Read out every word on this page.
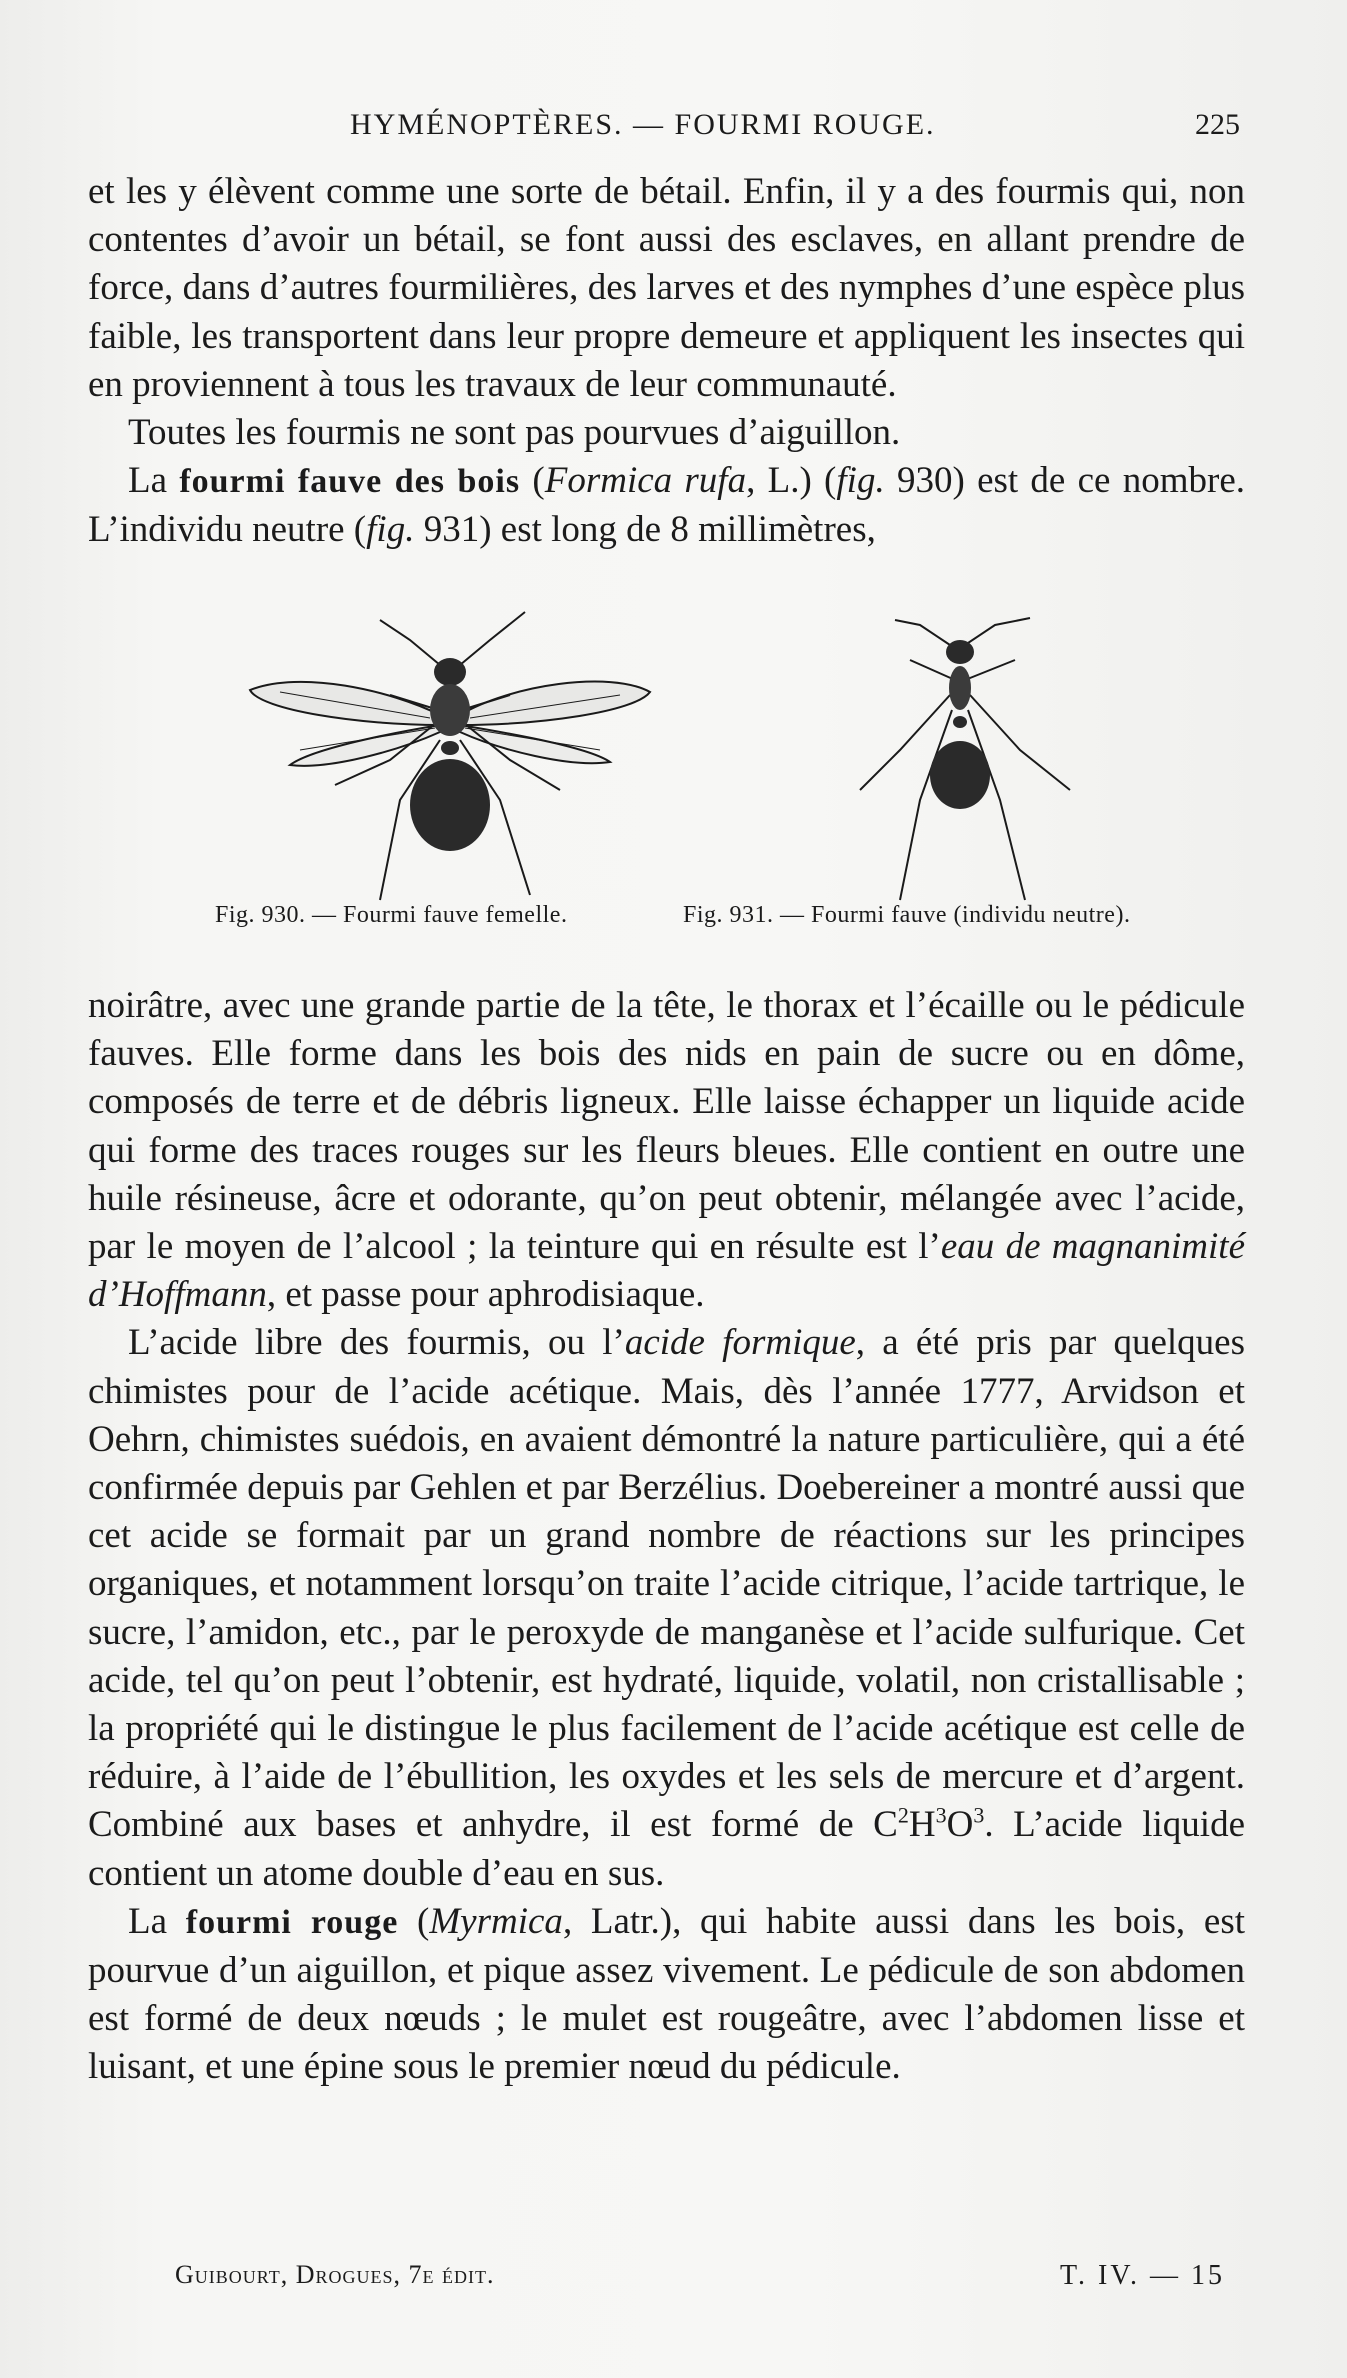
HYMÉNOPTÈRES. — FOURMI ROUGE.	225

et les y élèvent comme une sorte de bétail. Enfin, il y a des fourmis qui, non contentes d’avoir un bétail, se font aussi des esclaves, en allant prendre de force, dans d’autres fourmilières, des larves et des nymphes d’une espèce plus faible, les transportent dans leur propre demeure et appliquent les insectes qui en proviennent à tous les travaux de leur communauté.

Toutes les fourmis ne sont pas pourvues d’aiguillon.

La fourmi fauve des bois (Formica rufa, L.) (fig. 930) est de ce nombre. L’individu neutre (fig. 931) est long de 8 millimètres,

Fig. 930. — Fourmi fauve femelle.	Fig. 931. — Fourmi fauve (individu neutre).

noirâtre, avec une grande partie de la tête, le thorax et l’écaille ou le pédicule fauves. Elle forme dans les bois des nids en pain de sucre ou en dôme, composés de terre et de débris ligneux. Elle laisse échapper un liquide acide qui forme des traces rouges sur les fleurs bleues. Elle contient en outre une huile résineuse, âcre et odorante, qu’on peut obtenir, mélangée avec l’acide, par le moyen de l’alcool ; la teinture qui en résulte est l’eau de magnanimité d’Hoffmann, et passe pour aphrodisiaque.

L’acide libre des fourmis, ou l’acide formique, a été pris par quelques chimistes pour de l’acide acétique. Mais, dès l’année 1777, Arvidson et Oehrn, chimistes suédois, en avaient démontré la nature particulière, qui a été confirmée depuis par Gehlen et par Berzélius. Doebereiner a montré aussi que cet acide se formait par un grand nombre de réactions sur les principes organiques, et notamment lorsqu’on traite l’acide citrique, l’acide tartrique, le sucre, l’amidon, etc., par le peroxyde de manganèse et l’acide sulfurique. Cet acide, tel qu’on peut l’obtenir, est hydraté, liquide, volatil, non cristallisable ; la propriété qui le distingue le plus facilement de l’acide acétique est celle de réduire, à l’aide de l’ébullition, les oxydes et les sels de mercure et d’argent. Combiné aux bases et anhydre, il est formé de $C^2H^3O^3$. L’acide liquide contient un atome double d’eau en sus.

La fourmi rouge (Myrmica, Latr.), qui habite aussi dans les bois, est pourvue d’un aiguillon, et pique assez vivement. Le pédicule de son abdomen est formé de deux nœuds ; le mulet est rougeâtre, avec l’abdomen lisse et luisant, et une épine sous le premier nœud du pédicule.

Guibourt, Drogues, 7e édit.	T. IV. — 15
